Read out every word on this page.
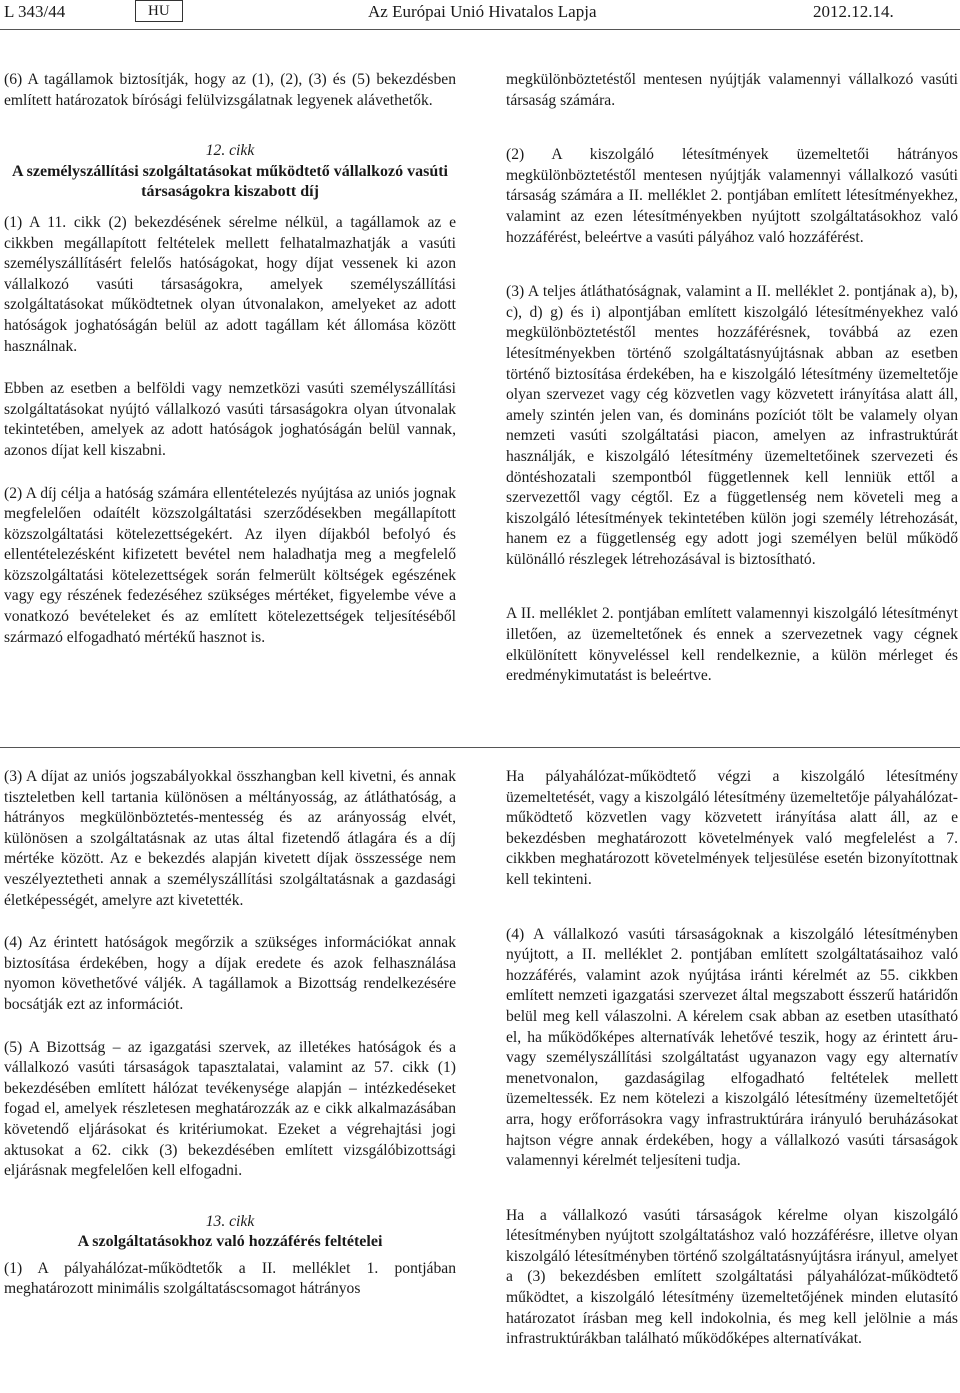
L 343/44	HU	Az Európai Unió Hivatalos Lapja	2012.12.14.

(6) A tagállamok biztosítják, hogy az (1), (2), (3) és (5) bekezdésben említett határozatok bírósági felülvizsgálatnak legyenek alávethetők.

12. cikk
A személyszállítási szolgáltatásokat működtető vállalkozó vasúti társaságokra kiszabott díj

(1) A 11. cikk (2) bekezdésének sérelme nélkül, a tagállamok az e cikkben megállapított feltételek mellett felhatalmazhatják a vasúti személyszállításért felelős hatóságokat, hogy díjat vessenek ki azon vállalkozó vasúti társaságokra, amelyek személyszállítási szolgáltatásokat működtetnek olyan útvonalakon, amelyeket az adott hatóságok joghatóságán belül az adott tagállam két állomása között használnak.

Ebben az esetben a belföldi vagy nemzetközi vasúti személyszállítási szolgáltatásokat nyújtó vállalkozó vasúti társaságokra olyan útvonalak tekintetében, amelyek az adott hatóságok joghatóságán belül vannak, azonos díjat kell kiszabni.

(2) A díj célja a hatóság számára ellentételezés nyújtása az uniós jognak megfelelően odaítélt közszolgáltatási szerződésekben megállapított közszolgáltatási kötelezettségekért. Az ilyen díjakból befolyó és ellentételezésként kifizetett bevétel nem haladhatja meg a megfelelő közszolgáltatási kötelezettségek során felmerült költségek egészének vagy egy részének fedezéséhez szükséges mértéket, figyelembe véve a vonatkozó bevételeket és az említett kötelezettségek teljesítéséből származó elfogadható mértékű hasznot is.

megkülönböztetéstől mentesen nyújtják valamennyi vállalkozó vasúti társaság számára.

(2) A kiszolgáló létesítmények üzemeltetői hátrányos megkülönböztetéstől mentesen nyújtják valamennyi vállalkozó vasúti társaság számára a II. melléklet 2. pontjában említett létesítményekhez, valamint az ezen létesítményekben nyújtott szolgáltatásokhoz való hozzáférést, beleértve a vasúti pályához való hozzáférést.

(3) A teljes átláthatóságnak, valamint a II. melléklet 2. pontjának a), b), c), d) g) és i) alpontjában említett kiszolgáló létesítményekhez való megkülönböztetéstől mentes hozzáférésnek, továbbá az ezen létesítményekben történő szolgáltatásnyújtásnak abban az esetben történő biztosítása érdekében, ha e kiszolgáló létesítmény üzemeltetője olyan szervezet vagy cég közvetlen vagy közvetett irányítása alatt áll, amely szintén jelen van, és domináns pozíciót tölt be valamely olyan nemzeti vasúti szolgáltatási piacon, amelyen az infrastruktúrát használják, e kiszolgáló létesítmény üzemeltetőinek szervezeti és döntéshozatali szempontból függetlennek kell lenniük ettől a szervezettől vagy cégtől. Ez a függetlenség nem követeli meg a kiszolgáló létesítmények tekintetében külön jogi személy létrehozását, hanem ez a függetlenség egy adott jogi személyen belül működő különálló részlegek létrehozásával is biztosítható.

A II. melléklet 2. pontjában említett valamennyi kiszolgáló létesítményt illetően, az üzemeltetőnek és ennek a szervezetnek vagy cégnek elkülönített könyveléssel kell rendelkeznie, a külön mérleget és eredménykimutatást is beleértve.

(3) A díjat az uniós jogszabályokkal összhangban kell kivetni, és annak tiszteletben kell tartania különösen a méltányosság, az átláthatóság, a hátrányos megkülönböztetés-mentesség és az arányosság elvét, különösen a szolgáltatásnak az utas által fizetendő átlagára és a díj mértéke között. Az e bekezdés alapján kivetett díjak összessége nem veszélyeztetheti annak a személyszállítási szolgáltatásnak a gazdasági életképességét, amelyre azt kivetették.

(4) Az érintett hatóságok megőrzik a szükséges információkat annak biztosítása érdekében, hogy a díjak eredete és azok felhasználása nyomon követhetővé váljék. A tagállamok a Bizottság rendelkezésére bocsátják ezt az információt.

(5) A Bizottság – az igazgatási szervek, az illetékes hatóságok és a vállalkozó vasúti társaságok tapasztalatai, valamint az 57. cikk (1) bekezdésében említett hálózat tevékenysége alapján – intézkedéseket fogad el, amelyek részletesen meghatározzák az e cikk alkalmazásában követendő eljárásokat és kritériumokat. Ezeket a végrehajtási jogi aktusokat a 62. cikk (3) bekezdésében említett vizsgálóbizottsági eljárásnak megfelelően kell elfogadni.

13. cikk
A szolgáltatásokhoz való hozzáférés feltételei

(1) A pályahálózat-működtetők a II. melléklet 1. pontjában meghatározott minimális szolgáltatáscsomagot hátrányos

Ha pályahálózat-működtető végzi a kiszolgáló létesítmény üzemeltetését, vagy a kiszolgáló létesítmény üzemeltetője pályahálózat-működtető közvetlen vagy közvetett irányítása alatt áll, az e bekezdésben meghatározott követelmények való megfelelést a 7. cikkben meghatározott követelmények teljesülése esetén bizonyítottnak kell tekinteni.

(4) A vállalkozó vasúti társaságoknak a kiszolgáló létesítményben nyújtott, a II. melléklet 2. pontjában említett szolgáltatásaihoz való hozzáférés, valamint azok nyújtása iránti kérelmét az 55. cikkben említett nemzeti igazgatási szervezet által megszabott ésszerű határidőn belül meg kell válaszolni. A kérelem csak abban az esetben utasítható el, ha működőképes alternatívák lehetővé teszik, hogy az érintett áru- vagy személyszállítási szolgáltatást ugyanazon vagy egy alternatív menetvonalon, gazdaságilag elfogadható feltételek mellett üzemeltessék. Ez nem kötelezi a kiszolgáló létesítmény üzemeltetőjét arra, hogy erőforrásokra vagy infrastruktúrára irányuló beruházásokat hajtson végre annak érdekében, hogy a vállalkozó vasúti társaságok valamennyi kérelmét teljesíteni tudja.

Ha a vállalkozó vasúti társaságok kérelme olyan kiszolgáló létesítményben nyújtott szolgáltatáshoz való hozzáférésre, illetve olyan kiszolgáló létesítményben történő szolgáltatásnyújtásra irányul, amelyet a (3) bekezdésben említett szolgáltatási pályahálózat-működtető működtet, a kiszolgáló létesítmény üzemeltetőjének minden elutasító határozatot írásban meg kell indokolnia, és meg kell jelölnie a más infrastruktúrákban található működőképes alternatívákat.
